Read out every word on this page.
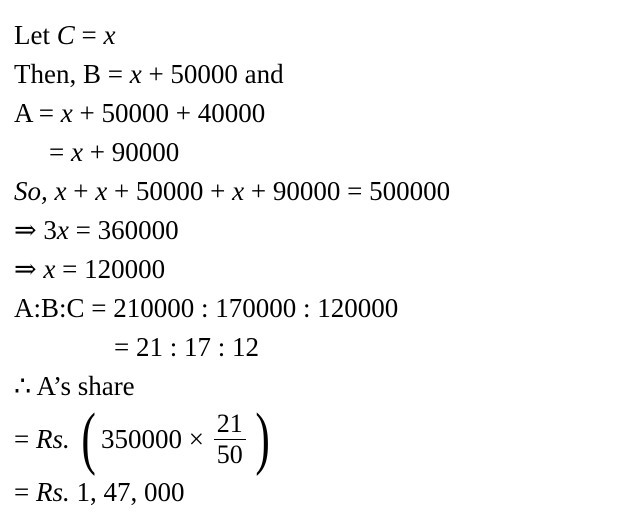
Let C = x
Then, B = x + 50000 and
A = x + 50000 + 40000
= x + 90000
So, x + x + 50000 + x + 90000 = 500000
⇒ 3x = 360000
⇒ x = 120000
A:B:C = 210000 : 170000 : 120000
= 21 : 17 : 12
∴ A’s share
= Rs. ( $350000 \times \frac{21}{50}$ )
= Rs. 1, 47, 000
